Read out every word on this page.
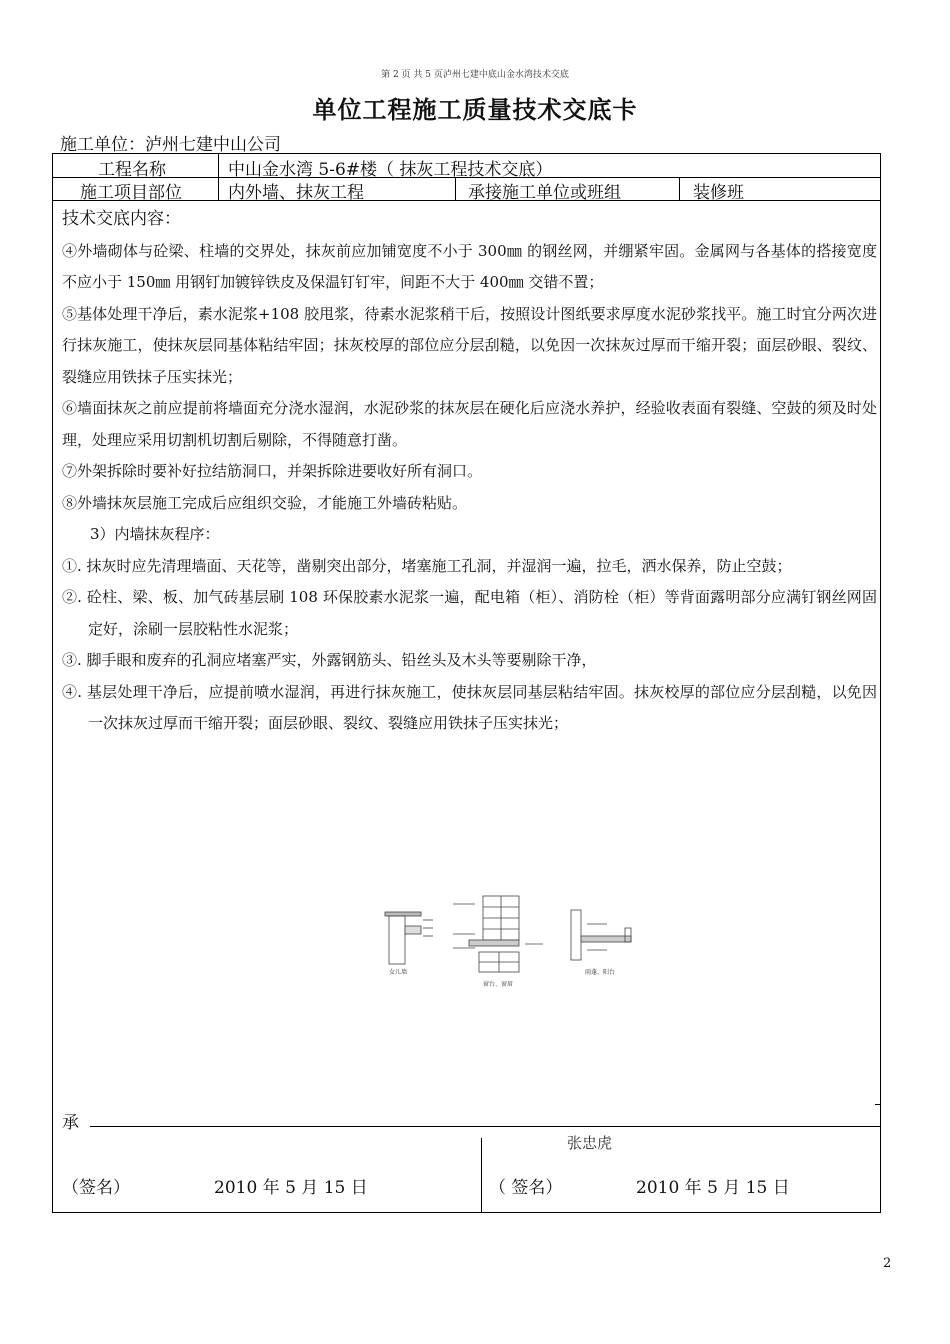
第 2 页 共 5 页泸州七建中底山金水湾技术交底
单位工程施工质量技术交底卡
施工单位：泸州七建中山公司
工程名称	中山金水湾 5-6#楼（ 抹灰工程技术交底）
施工项目部位	内外墙、抹灰工程	承接施工单位或班组	装修班

技术交底内容：

④外墙砌体与砼梁、柱墙的交界处，抹灰前应加铺宽度不小于 300㎜ 的钢丝网，并绷紧牢固。金属网与各基体的搭接宽度不应小于 150㎜ 用钢钉加镀锌铁皮及保温钉钉牢，间距不大于 400㎜ 交错不置；

⑤基体处理干净后，素水泥浆+108 胶甩浆，待素水泥浆稍干后，按照设计图纸要求厚度水泥砂浆找平。施工时宜分两次进行抹灰施工，使抹灰层同基体粘结牢固；抹灰校厚的部位应分层刮糙，以免因一次抹灰过厚而干缩开裂；面层砂眼、裂纹、裂缝应用铁抹子压实抹光；

⑥墙面抹灰之前应提前将墙面充分浇水湿润，水泥砂浆的抹灰层在硬化后应浇水养护，经验收表面有裂缝、空鼓的须及时处理，处理应采用切割机切割后剔除，不得随意打凿。

⑦外架拆除时要补好拉结筋洞口，并架拆除进要收好所有洞口。

⑧外墙抹灰层施工完成后应组织交验，才能施工外墙砖粘贴。

3）内墙抹灰程序：

①. 抹灰时应先清理墙面、天花等，凿剔突出部分，堵塞施工孔洞，并湿润一遍，拉毛，洒水保养，防止空鼓；

②. 砼柱、梁、板、加气砖基层刷 108 环保胶素水泥浆一遍，配电箱（柜）、消防栓（柜）等背面露明部分应满钉钢丝网固定好，涂刷一层胶粘性水泥浆；

③. 脚手眼和废弃的孔洞应堵塞严实，外露钢筋头、铅丝头及木头等要剔除干净，

④. 基层处理干净后，应提前喷水湿润，再进行抹灰施工，使抹灰层同基层粘结牢固。抹灰校厚的部位应分层刮糙，以免因一次抹灰过厚而干缩开裂；面层砂眼、裂纹、裂缝应用铁抹子压实抹光；

女儿墙
窗台、窗眉
雨蓬、阳台
承
张忠虎
（签名）	2010 年 5 月 15 日	（ 签名）	2010 年 5 月 15 日
2
